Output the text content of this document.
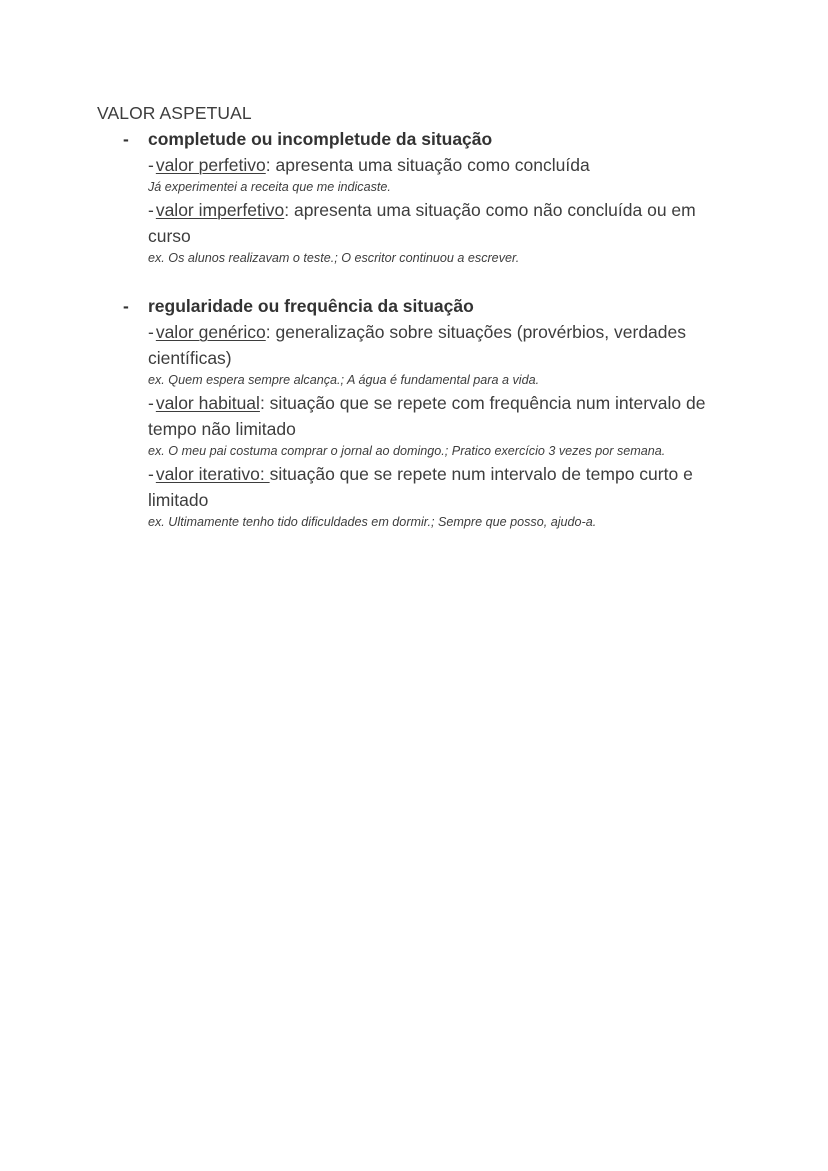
VALOR ASPETUAL
-	completude ou incompletude da situação
- valor perfetivo: apresenta uma situação como concluída
Já experimentei a receita que me indicaste.
- valor imperfetivo: apresenta uma situação como não concluída ou em curso
ex. Os alunos realizavam o teste.; O escritor continuou a escrever.
-	regularidade ou frequência da situação
- valor genérico: generalização sobre situações (provérbios, verdades científicas)
ex. Quem espera sempre alcança.; A água é fundamental para a vida.
- valor habitual: situação que se repete com frequência num intervalo de tempo não limitado
ex. O meu pai costuma comprar o jornal ao domingo.; Pratico exercício 3 vezes por semana.
- valor iterativo: situação que se repete num intervalo de tempo curto e limitado
ex. Ultimamente tenho tido dificuldades em dormir.; Sempre que posso, ajudo-a.
